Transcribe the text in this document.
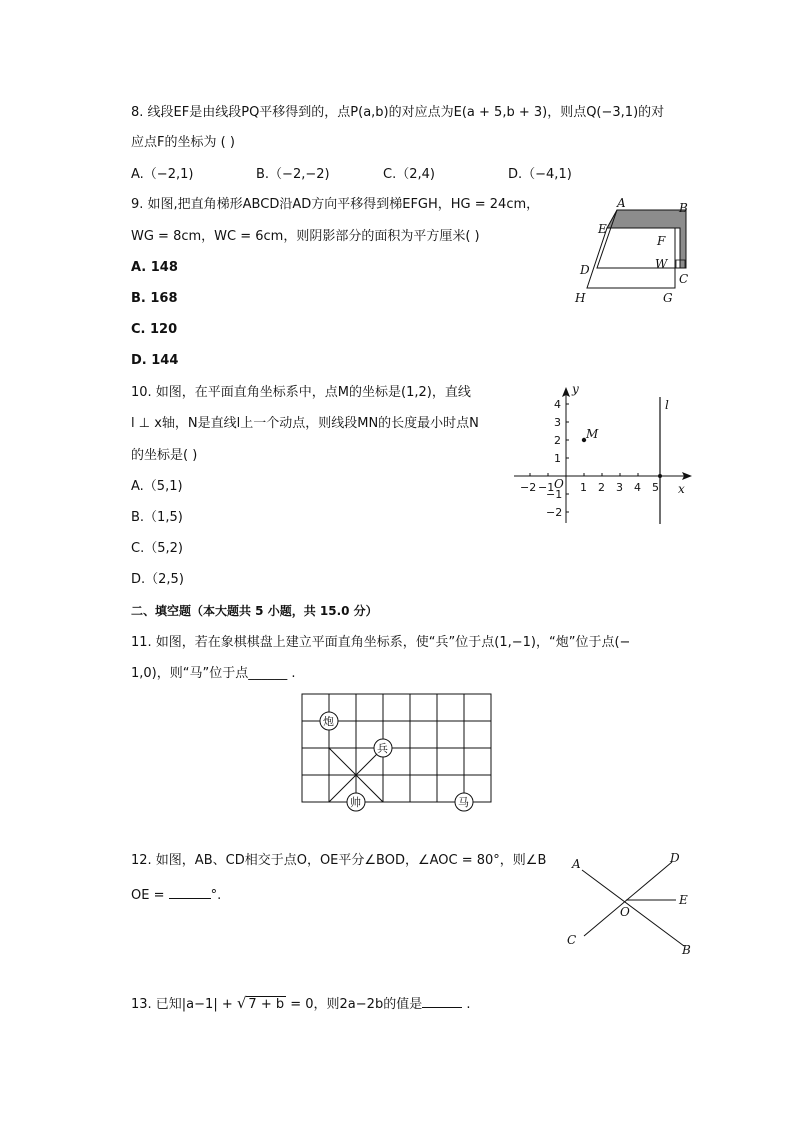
8. 线段EF是由线段PQ平移得到的，点P(a,b)的对应点为E(a + 5,b + 3)，则点Q(−3,1)的对
应点F的坐标为 ( )
A.（−2,1)	B.（−2,−2)	C.（2,4)	D.（−4,1)
9. 如图,把直角梯形ABCD沿AD方向平移得到梯EFGH，HG = 24cm，
WG = 8cm，WC = 6cm，则阴影部分的面积为平方厘米( )
A. 148
B. 168
C. 120
D. 144
A	B
E
F
D	W
C
H	G
10. 如图，在平面直角坐标系中，点M的坐标是(1,2)，直线
l ⊥ x轴，N是直线l上一个动点，则线段MN的长度最小时点N
的坐标是( )
A.（5,1)
B.（1,5)
C.（5,2)
D.（2,5)
y
x
l
M
O
−2 −1 1 2 3 4 5
4
3
2
1
−1
−2
二、填空题（本大题共 5 小题，共 15.0 分）
11. 如图，若在象棋棋盘上建立平面直角坐标系，使“兵”位于点(1,−1)，“炮”位于点(−
1,0)，则“马”位于点______ .
炮
兵
帅	马
12. 如图，AB、CD相交于点O，OE平分∠BOD，∠AOC = 80°，则∠B
OE =	°.
A	D
E
O
C
B
13. 已知|a−1| + √ 7 + b = 0，则2a−2b的值是	.
